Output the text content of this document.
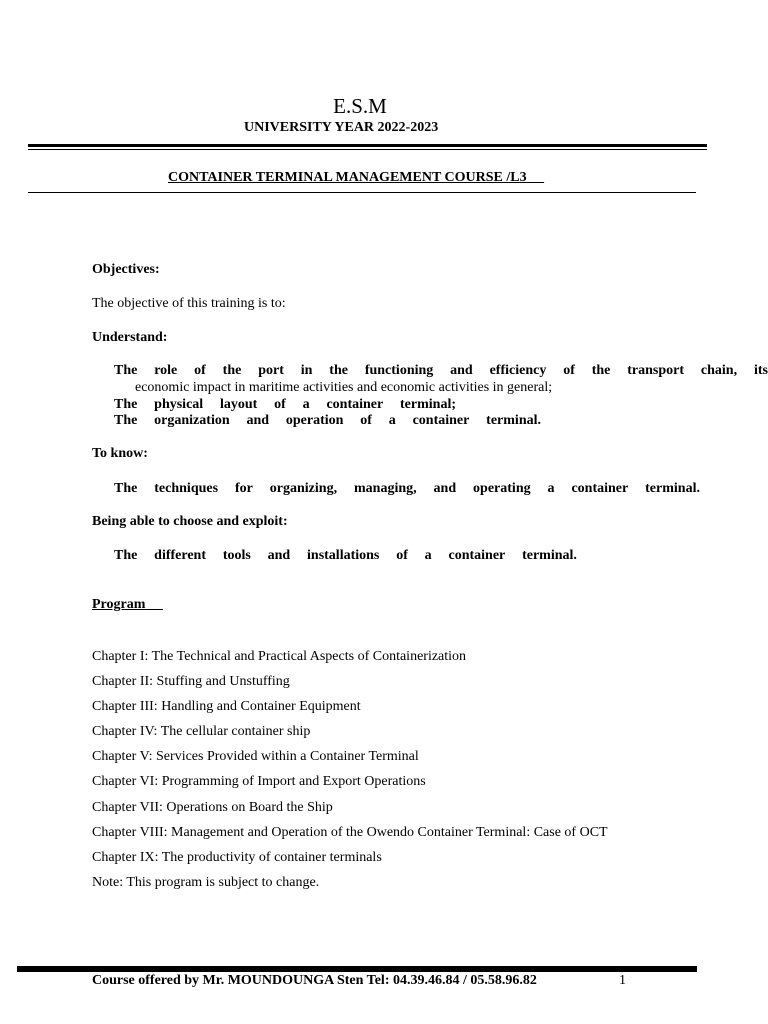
E.S.M
UNIVERSITY YEAR 2022-2023
CONTAINER TERMINAL MANAGEMENT COURSE /L3
Objectives:
The objective of this training is to:
Understand:
The role of the port in the functioning and efficiency of the transport chain, its
economic impact in maritime activities and economic activities in general;
The physical layout of a container terminal;
The organization and operation of a container terminal.
To know:
The techniques for organizing, managing, and operating a container terminal.
Being able to choose and exploit:
The different tools and installations of a container terminal.
Program
Chapter I: The Technical and Practical Aspects of Containerization
Chapter II: Stuffing and Unstuffing
Chapter III: Handling and Container Equipment
Chapter IV: The cellular container ship
Chapter V: Services Provided within a Container Terminal
Chapter VI: Programming of Import and Export Operations
Chapter VII: Operations on Board the Ship
Chapter VIII: Management and Operation of the Owendo Container Terminal: Case of OCT
Chapter IX: The productivity of container terminals
Note: This program is subject to change.
Course offered by Mr. MOUNDOUNGA Sten Tel: 04.39.46.84 / 05.58.96.82	1
